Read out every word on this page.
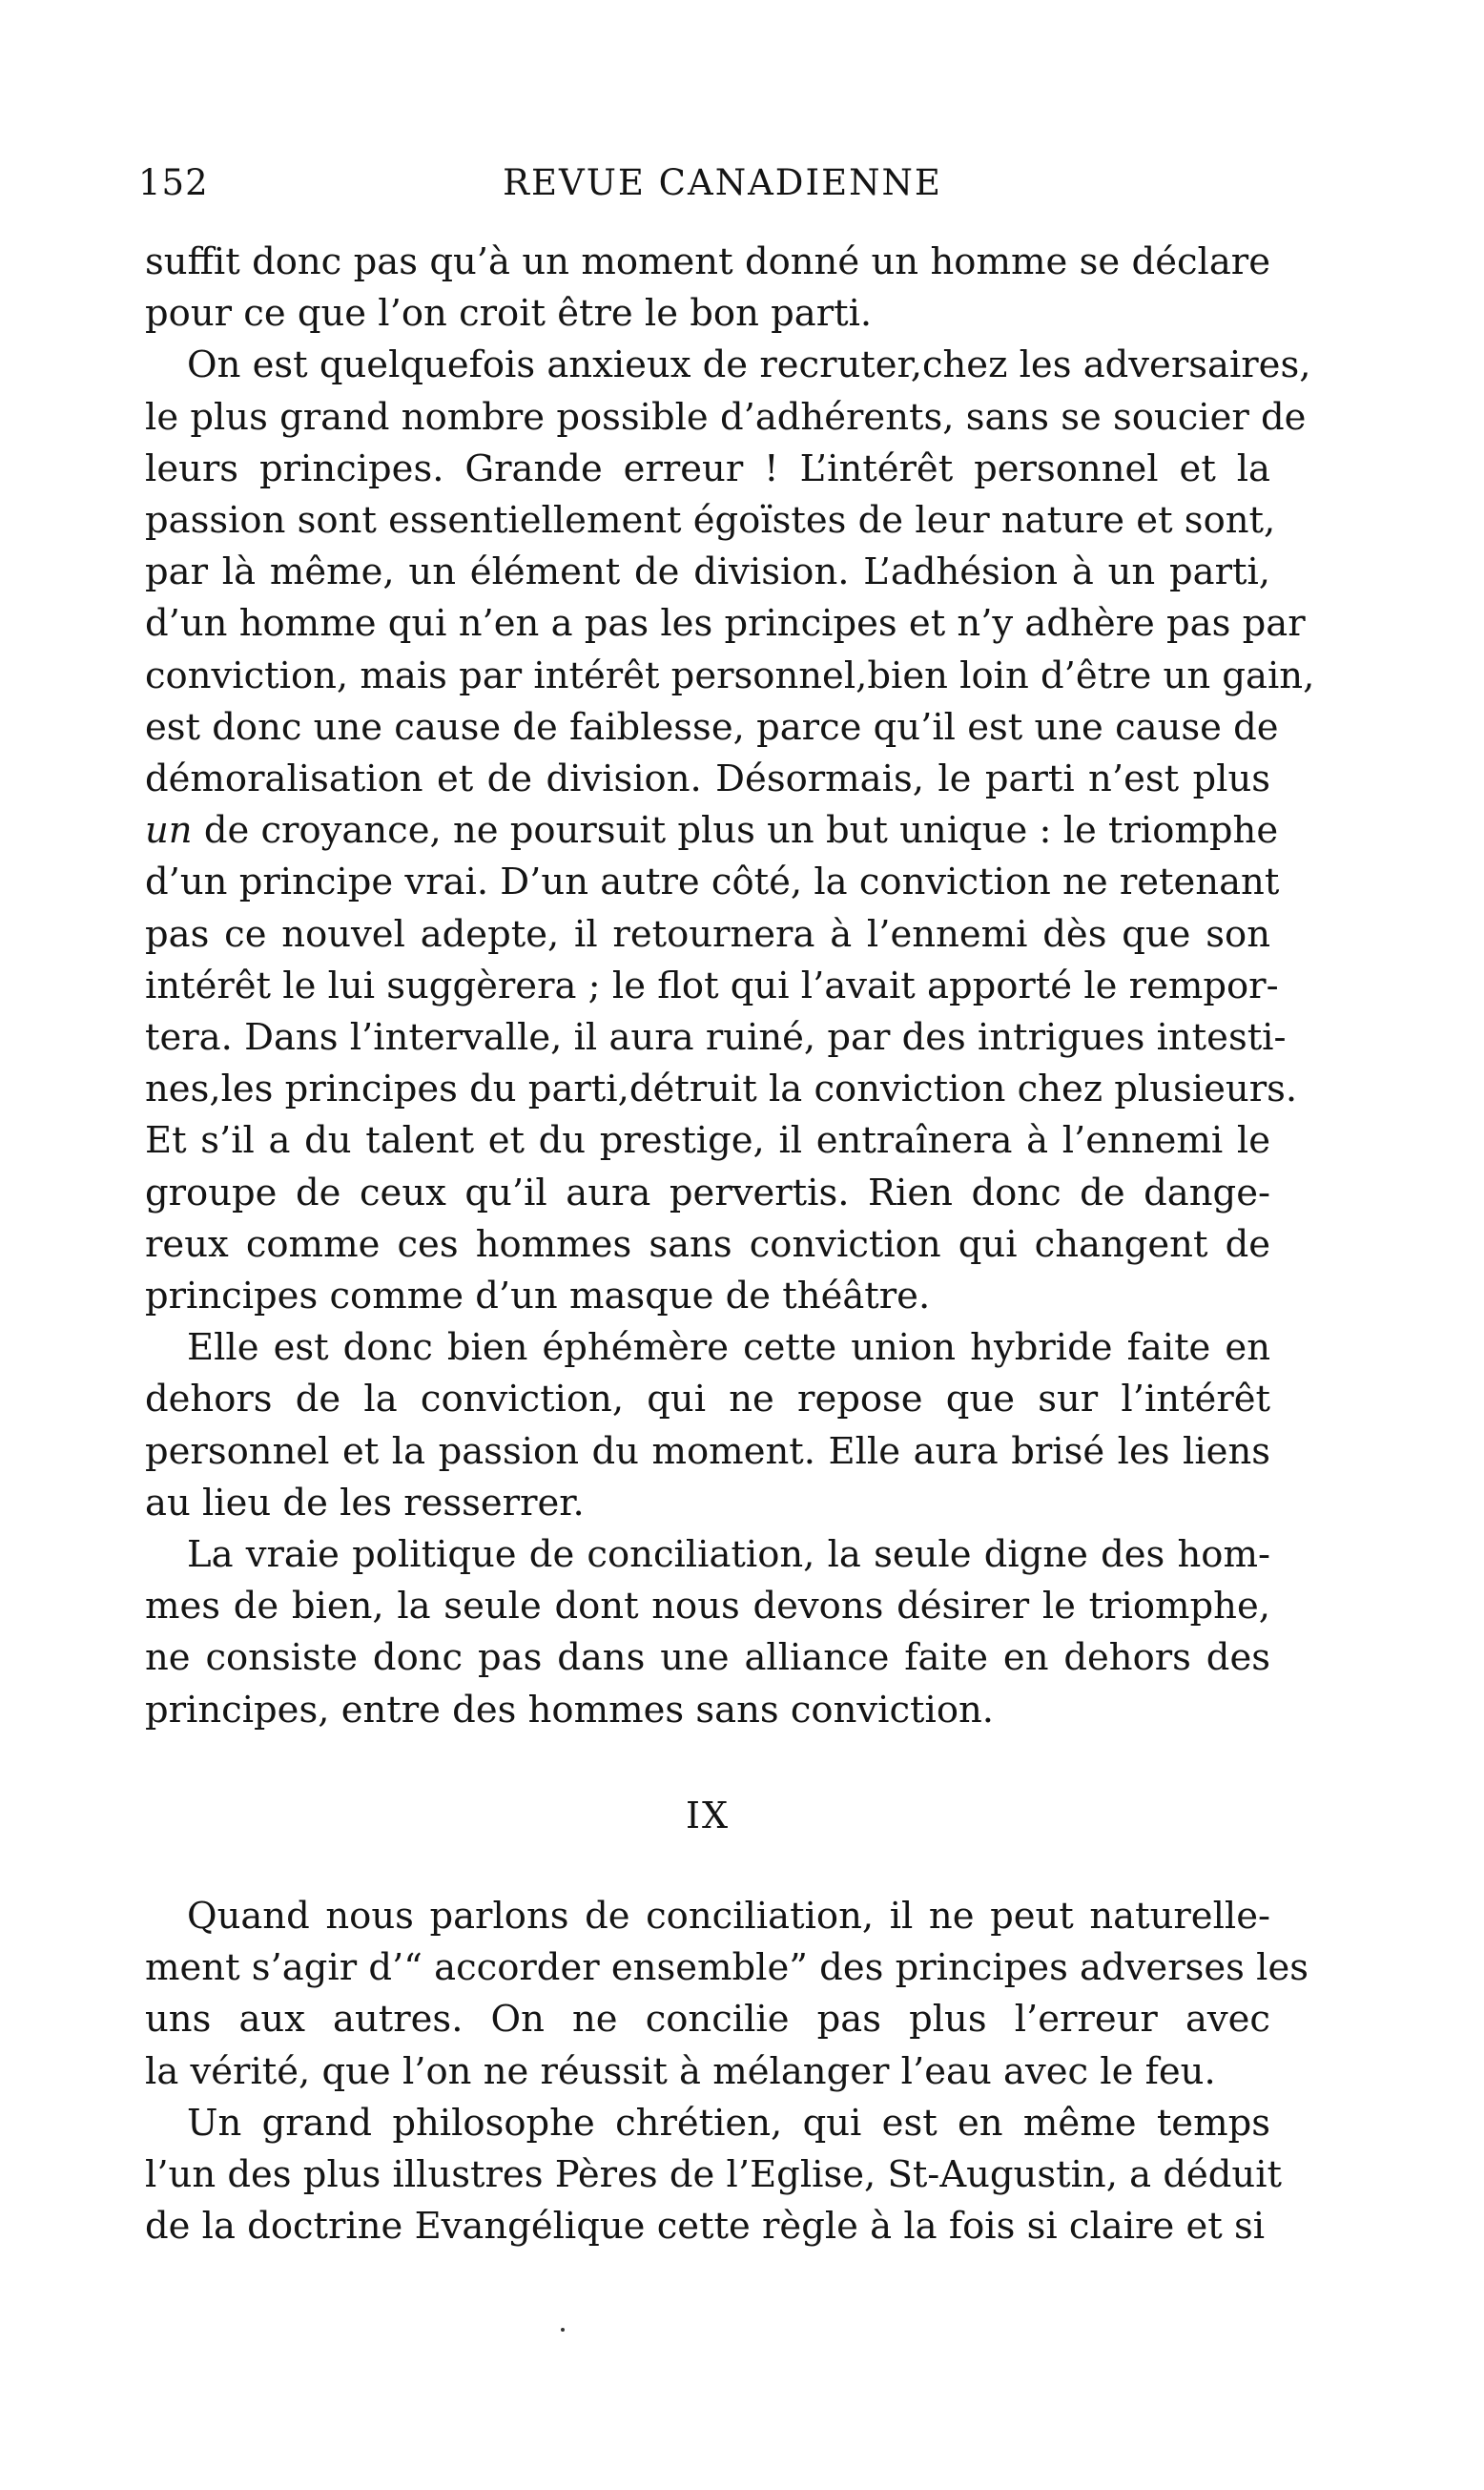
152	REVUE CANADIENNE

suffit donc pas qu’à un moment donné un homme se déclare
pour ce que l’on croit être le bon parti.

On est quelquefois anxieux de recruter,chez les adversaires,
le plus grand nombre possible d’adhérents, sans se soucier de
leurs principes. Grande erreur ! L’intérêt personnel et la
passion sont essentiellement égoïstes de leur nature et sont,
par là même, un élément de division. L’adhésion à un parti,
d’un homme qui n’en a pas les principes et n’y adhère pas par
conviction, mais par intérêt personnel,bien loin d’être un gain,
est donc une cause de faiblesse, parce qu’il est une cause de
démoralisation et de division. Désormais, le parti n’est plus
un de croyance, ne poursuit plus un but unique : le triomphe
d’un principe vrai. D’un autre côté, la conviction ne retenant
pas ce nouvel adepte, il retournera à l’ennemi dès que son
intérêt le lui suggèrera ; le flot qui l’avait apporté le rempor-
tera. Dans l’intervalle, il aura ruiné, par des intrigues intesti-
nes,les principes du parti,détruit la conviction chez plusieurs.
Et s’il a du talent et du prestige, il entraînera à l’ennemi le
groupe de ceux qu’il aura pervertis. Rien donc de dange-
reux comme ces hommes sans conviction qui changent de
principes comme d’un masque de théâtre.

Elle est donc bien éphémère cette union hybride faite en
dehors de la conviction, qui ne repose que sur l’intérêt
personnel et la passion du moment. Elle aura brisé les liens
au lieu de les resserrer.

La vraie politique de conciliation, la seule digne des hom-
mes de bien, la seule dont nous devons désirer le triomphe,
ne consiste donc pas dans une alliance faite en dehors des
principes, entre des hommes sans conviction.

IX

Quand nous parlons de conciliation, il ne peut naturelle-
ment s’agir d’“ accorder ensemble” des principes adverses les
uns aux autres. On ne concilie pas plus l’erreur avec
la vérité, que l’on ne réussit à mélanger l’eau avec le feu.

Un grand philosophe chrétien, qui est en même temps
l’un des plus illustres Pères de l’Eglise, St-Augustin, a déduit
de la doctrine Evangélique cette règle à la fois si claire et si
